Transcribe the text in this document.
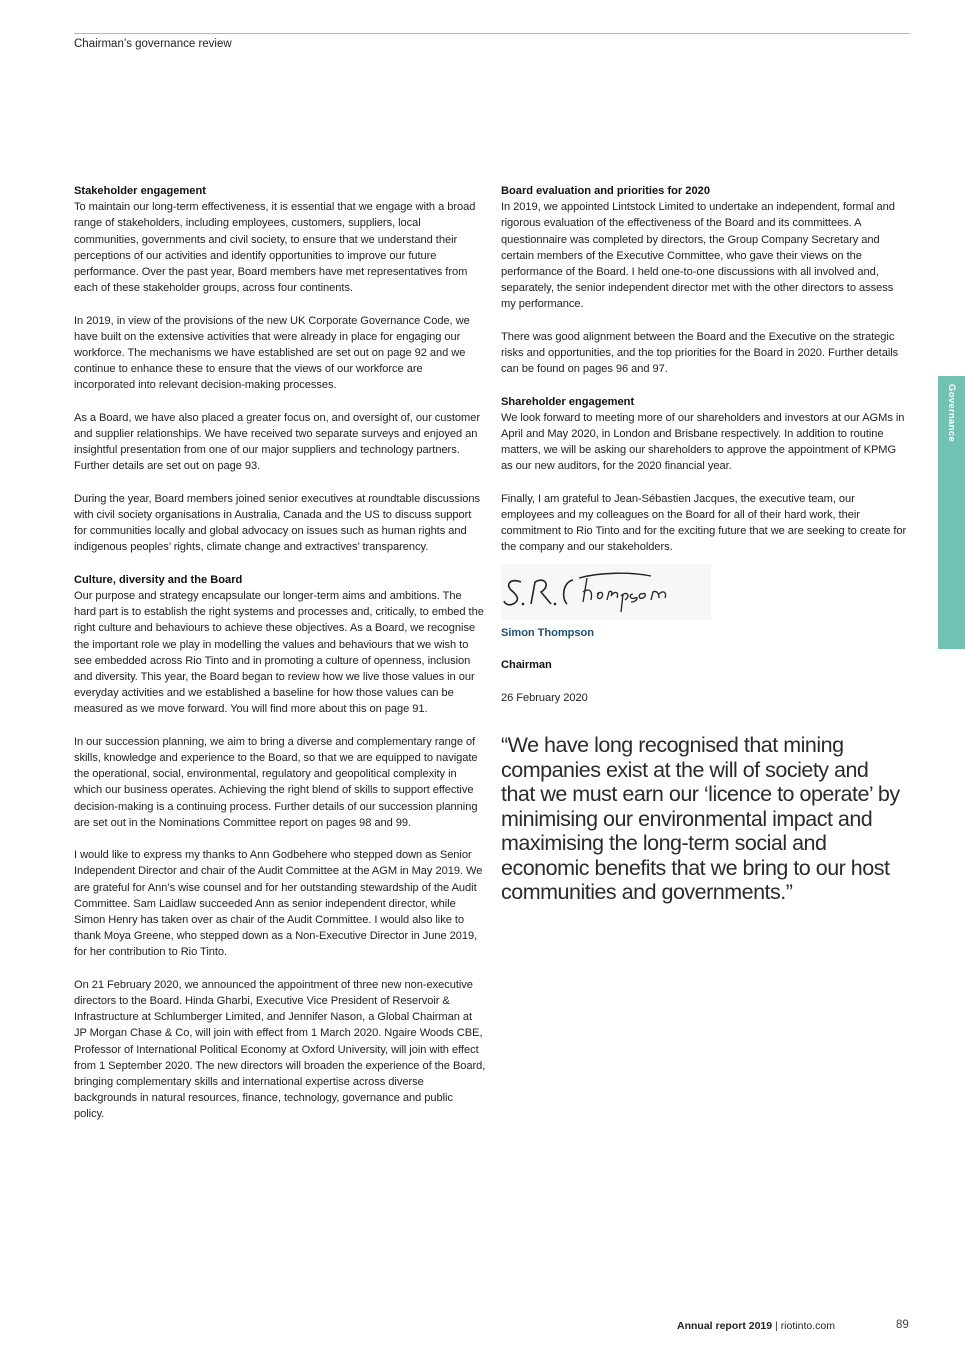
Chairman’s governance review
Stakeholder engagement

To maintain our long-term effectiveness, it is essential that we engage with a broad range of stakeholders, including employees, customers, suppliers, local communities, governments and civil society, to ensure that we understand their perceptions of our activities and identify opportunities to improve our future performance. Over the past year, Board members have met representatives from each of these stakeholder groups, across four continents.

In 2019, in view of the provisions of the new UK Corporate Governance Code, we have built on the extensive activities that were already in place for engaging our workforce. The mechanisms we have established are set out on page 92 and we continue to enhance these to ensure that the views of our workforce are incorporated into relevant decision-making processes.

As a Board, we have also placed a greater focus on, and oversight of, our customer and supplier relationships. We have received two separate surveys and enjoyed an insightful presentation from one of our major suppliers and technology partners. Further details are set out on page 93.

During the year, Board members joined senior executives at roundtable discussions with civil society organisations in Australia, Canada and the US to discuss support for communities locally and global advocacy on issues such as human rights and indigenous peoples’ rights, climate change and extractives’ transparency.

Culture, diversity and the Board

Our purpose and strategy encapsulate our longer-term aims and ambitions. The hard part is to establish the right systems and processes and, critically, to embed the right culture and behaviours to achieve these objectives. As a Board, we recognise the important role we play in modelling the values and behaviours that we wish to see embedded across Rio Tinto and in promoting a culture of openness, inclusion and diversity. This year, the Board began to review how we live those values in our everyday activities and we established a baseline for how those values can be measured as we move forward. You will find more about this on page 91.

In our succession planning, we aim to bring a diverse and complementary range of skills, knowledge and experience to the Board, so that we are equipped to navigate the operational, social, environmental, regulatory and geopolitical complexity in which our business operates. Achieving the right blend of skills to support effective decision-making is a continuing process. Further details of our succession planning are set out in the Nominations Committee report on pages 98 and 99.

I would like to express my thanks to Ann Godbehere who stepped down as Senior Independent Director and chair of the Audit Committee at the AGM in May 2019. We are grateful for Ann’s wise counsel and for her outstanding stewardship of the Audit Committee. Sam Laidlaw succeeded Ann as senior independent director, while Simon Henry has taken over as chair of the Audit Committee. I would also like to thank Moya Greene, who stepped down as a Non-Executive Director in June 2019, for her contribution to Rio Tinto.

On 21 February 2020, we announced the appointment of three new non-executive directors to the Board. Hinda Gharbi, Executive Vice President of Reservoir & Infrastructure at Schlumberger Limited, and Jennifer Nason, a Global Chairman at JP Morgan Chase & Co, will join with effect from 1 March 2020. Ngaire Woods CBE, Professor of International Political Economy at Oxford University, will join with effect from 1 September 2020. The new directors will broaden the experience of the Board, bringing complementary skills and international expertise across diverse backgrounds in natural resources, finance, technology, governance and public policy.

Board evaluation and priorities for 2020

In 2019, we appointed Lintstock Limited to undertake an independent, formal and rigorous evaluation of the effectiveness of the Board and its committees. A questionnaire was completed by directors, the Group Company Secretary and certain members of the Executive Committee, who gave their views on the performance of the Board. I held one-to-one discussions with all involved and, separately, the senior independent director met with the other directors to assess my performance.

There was good alignment between the Board and the Executive on the strategic risks and opportunities, and the top priorities for the Board in 2020. Further details can be found on pages 96 and 97.

Shareholder engagement

We look forward to meeting more of our shareholders and investors at our AGMs in April and May 2020, in London and Brisbane respectively. In addition to routine matters, we will be asking our shareholders to approve the appointment of KPMG as our new auditors, for the 2020 financial year.

Finally, I am grateful to Jean-Sébastien Jacques, the executive team, our employees and my colleagues on the Board for all of their hard work, their commitment to Rio Tinto and for the exciting future that we are seeking to create for the company and our stakeholders.

Simon Thompson

Chairman

26 February 2020

“We have long recognised that mining companies exist at the will of society and that we must earn our ‘licence to operate’ by minimising our environmental impact and maximising the long-term social and economic benefits that we bring to our host communities and governments.”
Governance
Annual report 2019 | riotinto.com	89
